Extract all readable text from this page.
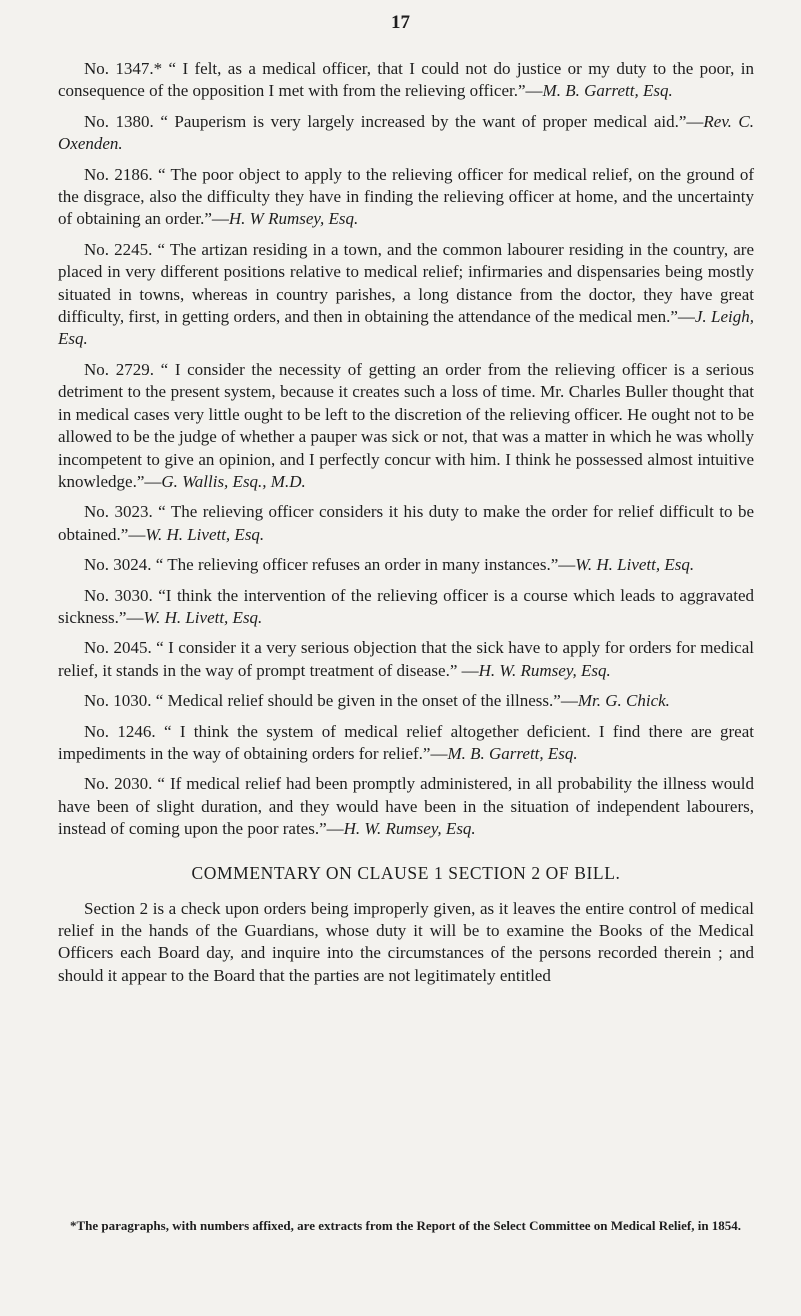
17

No. 1347.* “ I felt, as a medical officer, that I could not do justice or my duty to the poor, in consequence of the opposition I met with from the relieving officer.”—M. B. Garrett, Esq.

No. 1380. “ Pauperism is very largely increased by the want of proper medical aid.”—Rev. C. Oxenden.

No. 2186. “ The poor object to apply to the relieving officer for medical relief, on the ground of the disgrace, also the difficulty they have in finding the relieving officer at home, and the uncertainty of obtaining an order.”—H. W Rumsey, Esq.

No. 2245. “ The artizan residing in a town, and the common labourer residing in the country, are placed in very different positions relative to medical relief; infirmaries and dispensaries being mostly situated in towns, whereas in country parishes, a long distance from the doctor, they have great difficulty, first, in getting orders, and then in obtaining the attendance of the medical men.”—J. Leigh, Esq.

No. 2729. “ I consider the necessity of getting an order from the relieving officer is a serious detriment to the present system, because it creates such a loss of time. Mr. Charles Buller thought that in medical cases very little ought to be left to the discretion of the relieving officer. He ought not to be allowed to be the judge of whether a pauper was sick or not, that was a matter in which he was wholly incompetent to give an opinion, and I perfectly concur with him. I think he possessed almost intuitive knowledge.”—G. Wallis, Esq., M.D.

No. 3023. “ The relieving officer considers it his duty to make the order for relief difficult to be obtained.”—W. H. Livett, Esq.

No. 3024. “ The relieving officer refuses an order in many instances.”—W. H. Livett, Esq.

No. 3030. “I think the intervention of the relieving officer is a course which leads to aggravated sickness.”—W. H. Livett, Esq.

No. 2045. “ I consider it a very serious objection that the sick have to apply for orders for medical relief, it stands in the way of prompt treatment of disease.” —H. W. Rumsey, Esq.

No. 1030. “ Medical relief should be given in the onset of the illness.”—Mr. G. Chick.

No. 1246. “ I think the system of medical relief altogether deficient. I find there are great impediments in the way of obtaining orders for relief.”—M. B. Garrett, Esq.

No. 2030. “ If medical relief had been promptly administered, in all probability the illness would have been of slight duration, and they would have been in the situation of independent labourers, instead of coming upon the poor rates.”—H. W. Rumsey, Esq.

COMMENTARY ON CLAUSE 1 SECTION 2 OF BILL.

Section 2 is a check upon orders being improperly given, as it leaves the entire control of medical relief in the hands of the Guardians, whose duty it will be to examine the Books of the Medical Officers each Board day, and inquire into the circumstances of the persons recorded therein ; and should it appear to the Board that the parties are not legitimately entitled

*The paragraphs, with numbers affixed, are extracts from the Report of the Select Committee on Medical Relief, in 1854.
